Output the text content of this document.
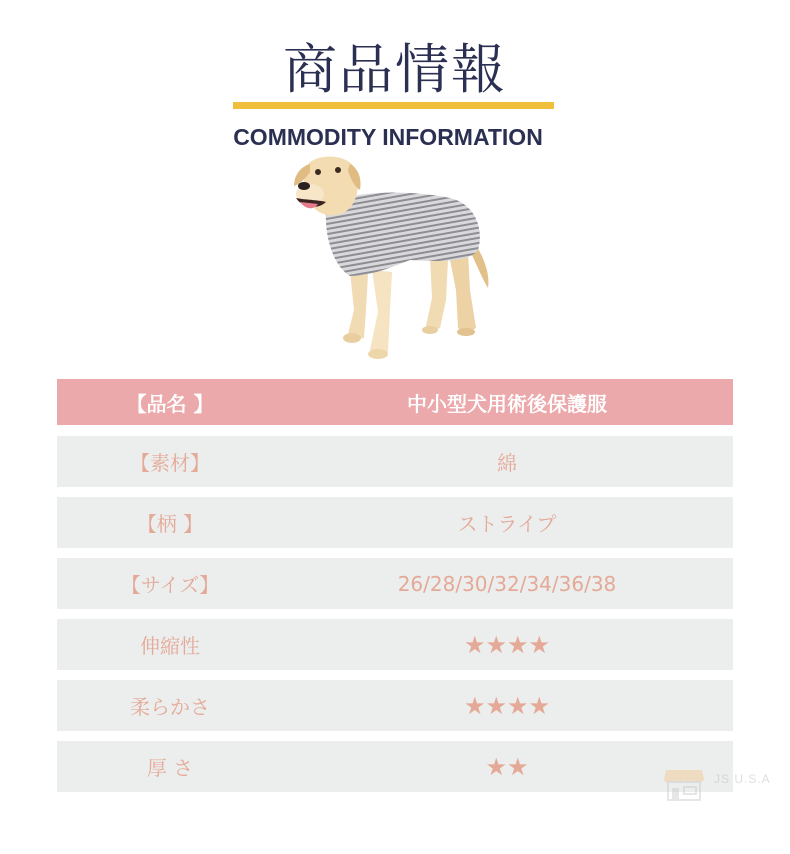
商品情報
COMMODITY INFORMATION
【品名 】	中小型犬用術後保護服
【素材】	綿
【柄 】	ストライプ
【サイズ】	26/28/30/32/34/36/38
伸縮性	★★★★
柔らかさ	★★★★
厚 さ	★★	JS U.S.A
